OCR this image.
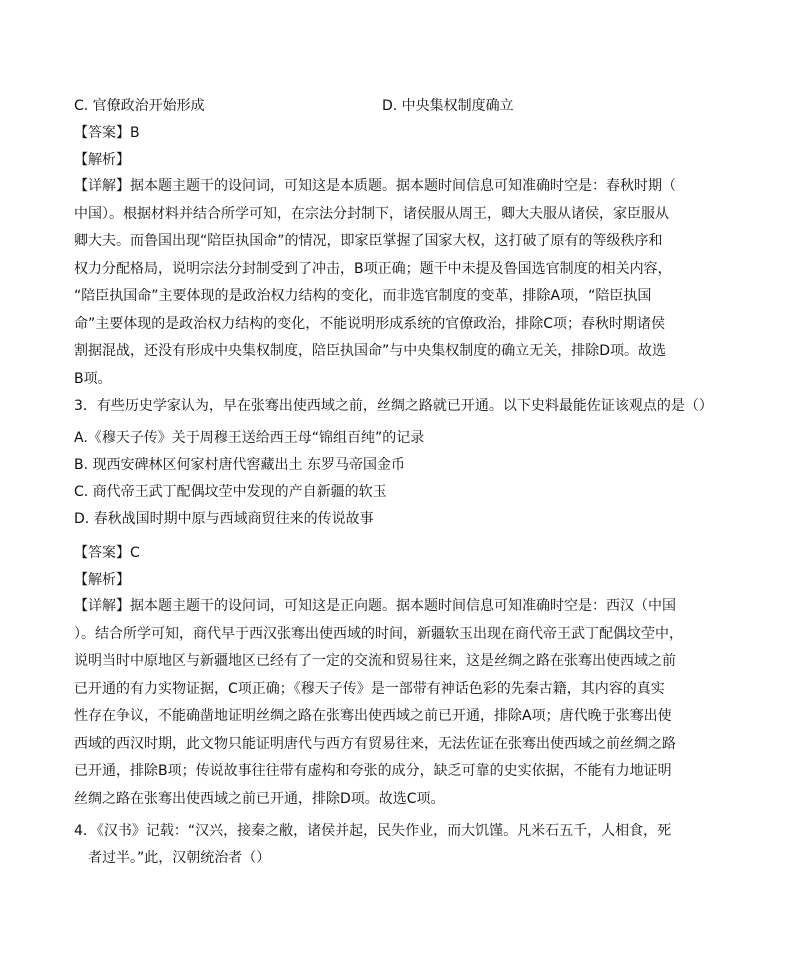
C. 官僚政治开始形成	D. 中央集权制度确立
【答案】B
【解析】
【详解】据本题主题干的设问词，可知这是本质题。据本题时间信息可知准确时空是：春秋时期（
中国）。根据材料并结合所学可知，在宗法分封制下，诸侯服从周王，卿大夫服从诸侯，家臣服从
卿大夫。而鲁国出现“陪臣执国命”的情况，即家臣掌握了国家大权，这打破了原有的等级秩序和
权力分配格局，说明宗法分封制受到了冲击，B项正确；题干中未提及鲁国选官制度的相关内容，
“陪臣执国命”主要体现的是政治权力结构的变化，而非选官制度的变革，排除A项，“陪臣执国
命”主要体现的是政治权力结构的变化，不能说明形成系统的官僚政治，排除C项；春秋时期诸侯
割据混战，还没有形成中央集权制度，陪臣执国命”与中央集权制度的确立无关，排除D项。故选
B项。
3．有些历史学家认为，早在张骞出使西域之前，丝绸之路就已开通。以下史料最能佐证该观点的是（）
A.《穆天子传》关于周穆王送给西王母“锦组百纯”的记录
B. 现西安碑林区何家村唐代窖藏出土 东罗马帝国金币
C. 商代帝王武丁配偶坟茔中发现的产自新疆的软玉
D. 春秋战国时期中原与西域商贸往来的传说故事
【答案】C
【解析】
【详解】据本题主题干的设问词，可知这是正向题。据本题时间信息可知准确时空是：西汉（中国
）。结合所学可知，商代早于西汉张骞出使西域的时间，新疆软玉出现在商代帝王武丁配偶坟茔中，
说明当时中原地区与新疆地区已经有了一定的交流和贸易往来，这是丝绸之路在张骞出使西域之前
已开通的有力实物证据，C项正确；《穆天子传》是一部带有神话色彩的先秦古籍，其内容的真实
性存在争议，不能确凿地证明丝绸之路在张骞出使西域之前已开通，排除A项；唐代晚于张骞出使
西域的西汉时期，此文物只能证明唐代与西方有贸易往来，无法佐证在张骞出使西域之前丝绸之路
已开通，排除B项；传说故事往往带有虚构和夸张的成分，缺乏可靠的史实依据，不能有力地证明
丝绸之路在张骞出使西域之前已开通，排除D项。故选C项。
4．《汉书》记载：“汉兴，接秦之敝，诸侯并起，民失作业，而大饥馑。凡米石五千，人相食，死
者过半。”此，汉朝统治者（）
